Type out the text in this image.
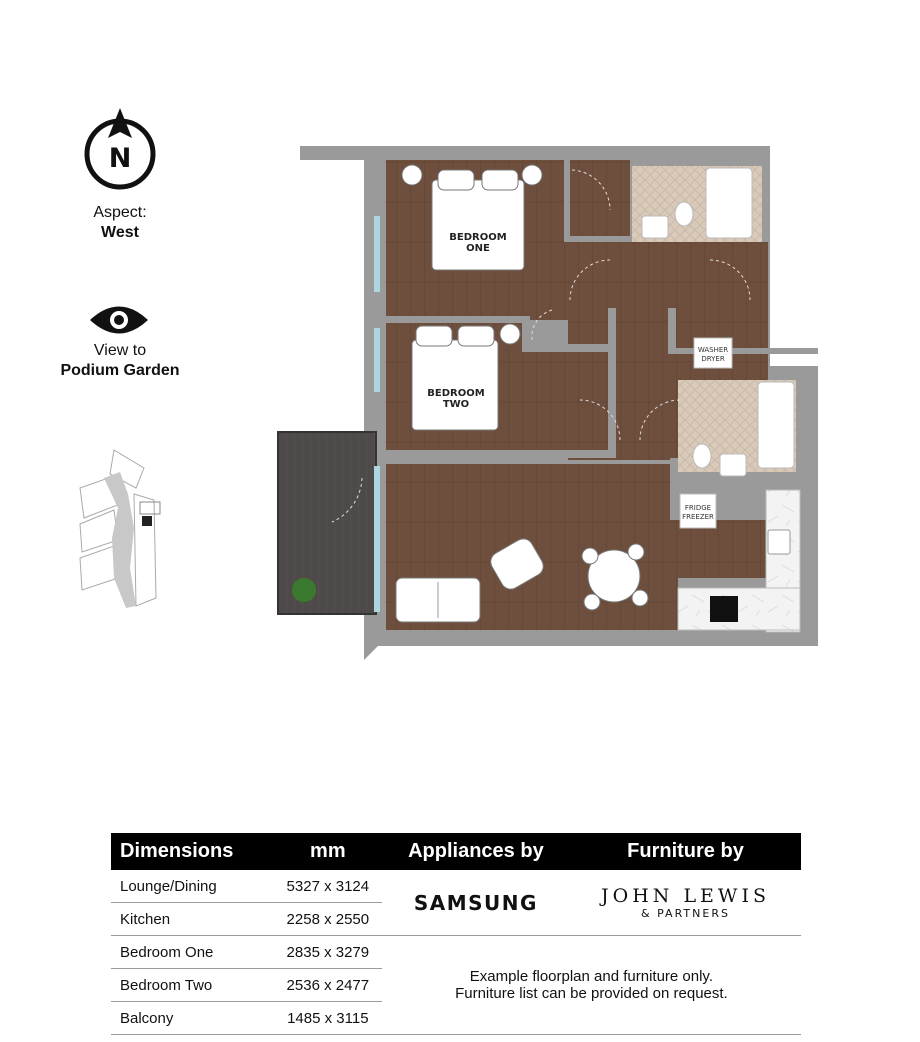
N
Aspect:
West
View to
Podium Garden
WASHER
DRYER
FRIDGE
FREEZER
BEDROOM
ONE
BEDROOM
TWO
Dimensions	mm	Appliances by	Furniture by
Lounge/Dining	5327 x 3124	SAMSUNG	JOHN LEWIS
& PARTNERS

Kitchen	2258 x 2550		
Bedroom One	2835 x 3279	Example floorplan and furniture only.
Furniture list can be provided on request.	

Bedroom Two	2536 x 2477		
Balcony	1485 x 3115		
